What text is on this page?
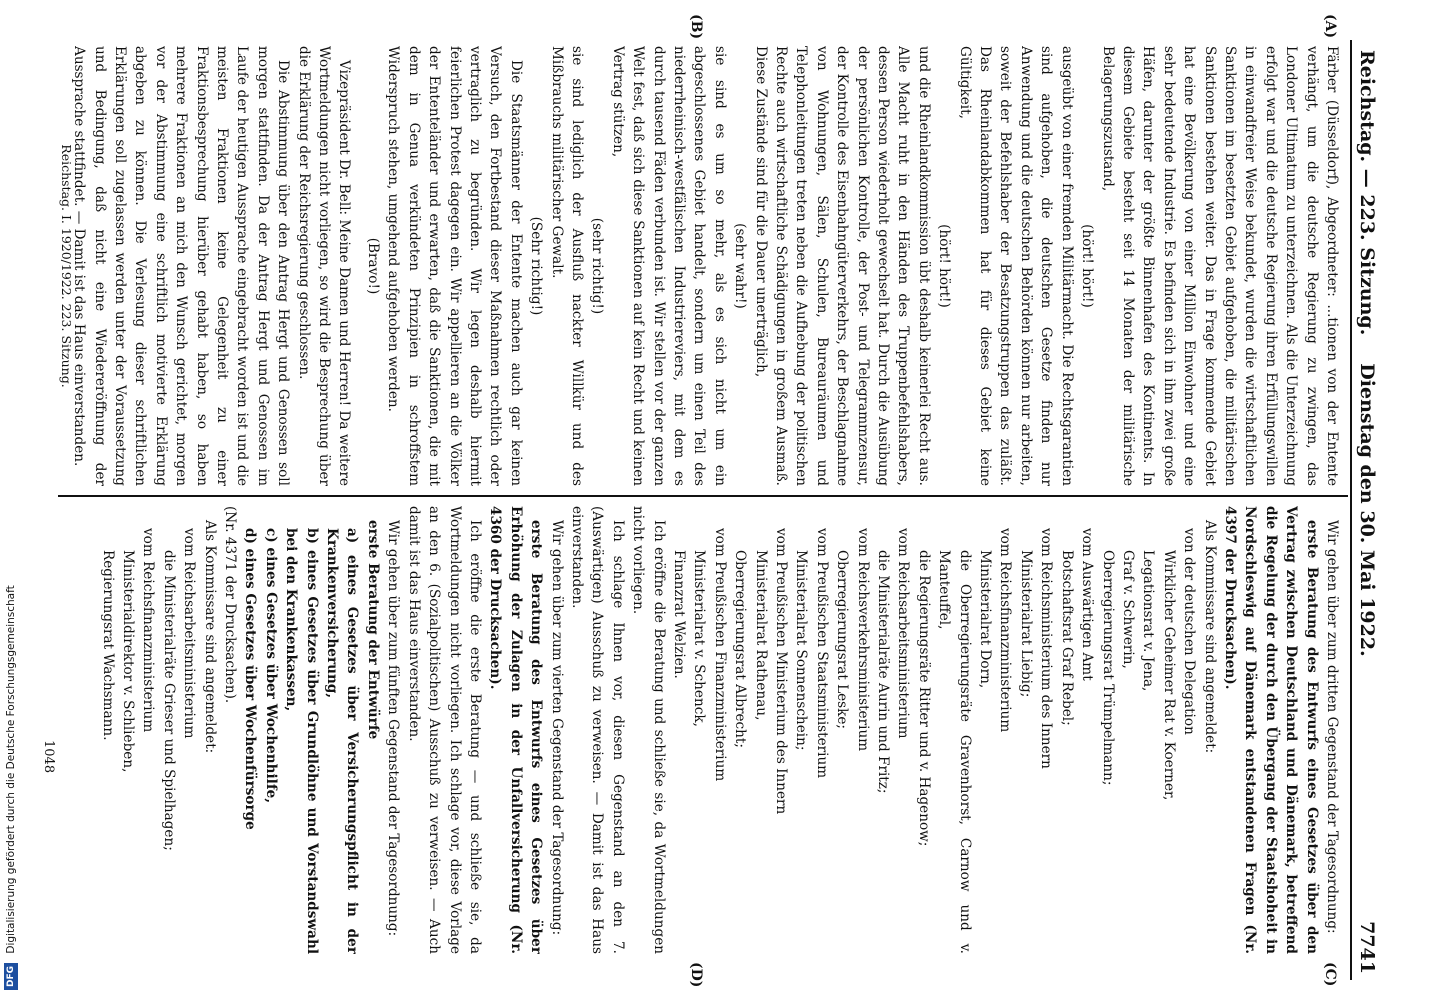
Reichstag. — 223. Sitzung.
Dienstag den 30. Mai 1922.
7741
(A)
(B)
(C)
(D)

Färber (Düsseldorf), Abgeordneter: ...tionen von der Entente verhängt, um die deutsche Regierung zu zwingen, das Londoner Ultimatum zu unterzeichnen. Als die Unterzeichnung erfolgt war und die deutsche Regierung ihren Erfüllungswillen in einwandfreier Weise bekundet, wurden die wirtschaftlichen Sanktionen im besetzten Gebiet aufgehoben, die militärischen Sanktionen bestehen weiter. Das in Frage kommende Gebiet hat eine Bevölkerung von einer Million Einwohner und eine sehr bedeutende Industrie. Es befinden sich in ihm zwei große Häfen, darunter der größte Binnenhafen des Kontinents. In diesem Gebiete besteht seit 14 Monaten der militärische Belagerungszustand,

(hört! hört!)

ausgeübt von einer fremden Militärmacht. Die Rechtsgarantien sind aufgehoben, die deutschen Gesetze finden nur Anwendung und die deutschen Behörden können nur arbeiten, soweit der Befehlshaber der Besatzungstruppen das zuläßt. Das Rheinlandabkommen hat für dieses Gebiet keine Gültigkeit,

(hört! hört!)

und die Rheinlandkommission übt deshalb keinerlei Recht aus. Alle Macht ruht in den Händen des Truppenbefehlshabers, dessen Person wiederholt gewechselt hat. Durch die Ausübung der persönlichen Kontrolle, der Post- und Telegrammzensur, der Kontrolle des Eisenbahngüterverkehrs, der Beschlagnahme von Wohnungen, Sälen, Schulen, Bureauräumen und Telephonleitungen treten neben die Aufhebung der politischen Rechte auch wirtschaftliche Schädigungen in großem Ausmaß. Diese Zustände sind für die Dauer unerträglich,

(sehr wahr!)

sie sind es um so mehr, als es sich nicht um ein abgeschlossenes Gebiet handelt, sondern um einen Teil des niederrheinisch-westfälischen Industriereviers, mit dem es durch tausend Fäden verbunden ist. Wir stellen vor der ganzen Welt fest, daß sich diese Sanktionen auf kein Recht und keinen Vertrag stützen,

(sehr richtig!)

sie sind lediglich der Ausfluß nackter Willkür und des Mißbrauchs militärischer Gewalt.

(Sehr richtig!)

Die Staatsmänner der Entente machen auch gar keinen Versuch, den Fortbestand dieser Maßnahmen rechtlich oder vertraglich zu begründen. Wir legen deshalb hiermit feierlichen Protest dagegen ein. Wir appellieren an die Völker der Ententeländer und erwarten, daß die Sanktionen, die mit dem in Genua verkündeten Prinzipien in schroffstem Widerspruch stehen, umgehend aufgehoben werden.

(Bravo!)

Vizepräsident Dr. Bell: Meine Damen und Herren! Da weitere Wortmeldungen nicht vorliegen, so wird die Besprechung über die Erklärung der Reichsregierung geschlossen.

Die Abstimmung über den Antrag Hergt und Genossen soll morgen stattfinden. Da der Antrag Hergt und Genossen im Laufe der heutigen Aussprache eingebracht worden ist und die meisten Fraktionen keine Gelegenheit zu einer Fraktionsbesprechung hierüber gehabt haben, so haben mehrere Fraktionen an mich den Wunsch gerichtet, morgen vor der Abstimmung eine schriftlich motivierte Erklärung abgeben zu können. Die Verlesung dieser schriftlichen Erklärungen soll zugelassen werden unter der Voraussetzung und Bedingung, daß nicht eine Wiedereröffnung der Aussprache stattfindet. — Damit ist das Haus einverstanden.

Reichstag. I. 1920/1922. 223. Sitzung.

Wir gehen über zum dritten Gegenstand der Tagesordnung:

erste Beratung des Entwurfs eines Gesetzes über den Vertrag zwischen Deutschland und Dänemark, betreffend die Regelung der durch den Übergang der Staatshoheit in Nordschleswig auf Dänemark entstandenen Fragen (Nr. 4397 der Drucksachen).

Als Kommissare sind angemeldet:

von der deutschen Delegation

Wirklicher Geheimer Rat v. Koerner,

Legationsrat v. Jena,

Graf v. Schwerin,

Oberregierungsrat Trümpelmann;

vom Auswärtigen Amt

Botschaftsrat Graf Rebel;

vom Reichsministerium des Innern

Ministerialrat Liebig;

vom Reichsfinanzministerium

Ministerialrat Dorn,

die Oberregierungsräte Gravenhorst, Carnow und v. Manteuffel,

die Regierungsräte Ritter und v. Hagenow;

vom Reichsarbeitsministerium

die Ministerialräte Aurin und Fritz;

vom Reichsverkehrsministerium

Oberregierungsrat Leske;

vom Preußischen Staatsministerium

Ministerialrat Sonnenschein;

vom Preußischen Ministerium des Innern

Ministerialrat Rathenau,

Oberregierungsrat Albrecht;

vom Preußischen Finanzministerium

Ministerialrat v. Schenck,

Finanzrat Welzien.

Ich eröffne die Beratung und schließe sie, da Wortmeldungen nicht vorliegen.

Ich schlage Ihnen vor, diesen Gegenstand an den 7. (Auswärtigen) Ausschuß zu verweisen. — Damit ist das Haus einverstanden.

Wir gehen über zum vierten Gegenstand der Tagesordnung:

erste Beratung des Entwurfs eines Gesetzes über Erhöhung der Zulagen in der Unfallversicherung (Nr. 4360 der Drucksachen).

Ich eröffne die erste Beratung — und schließe sie, da Wortmeldungen nicht vorliegen. Ich schlage vor, diese Vorlage an den 6. (Sozialpolitischen) Ausschuß zu verweisen. — Auch damit ist das Haus einverstanden.

Wir gehen über zum fünften Gegenstand der Tagesordnung:

erste Beratung der Entwürfe

a) eines Gesetzes über Versicherungspflicht in der Krankenversicherung,

b) eines Gesetzes über Grundlöhne und Vorstandswahl bei den Krankenkassen,

c) eines Gesetzes über Wochenhilfe,

d) eines Gesetzes über Wochenfürsorge

(Nr. 4371 der Drucksachen).

Als Kommissare sind angemeldet:

vom Reichsarbeitsministerium

die Ministerialräte Grieser und Spielhagen;

vom Reichsfinanzministerium

Ministerialdirektor v. Schlieben,

Regierungsrat Wachsmann.

1048
DFG Digitalisierung gefördert durch die Deutsche Forschungsgemeinschaft
